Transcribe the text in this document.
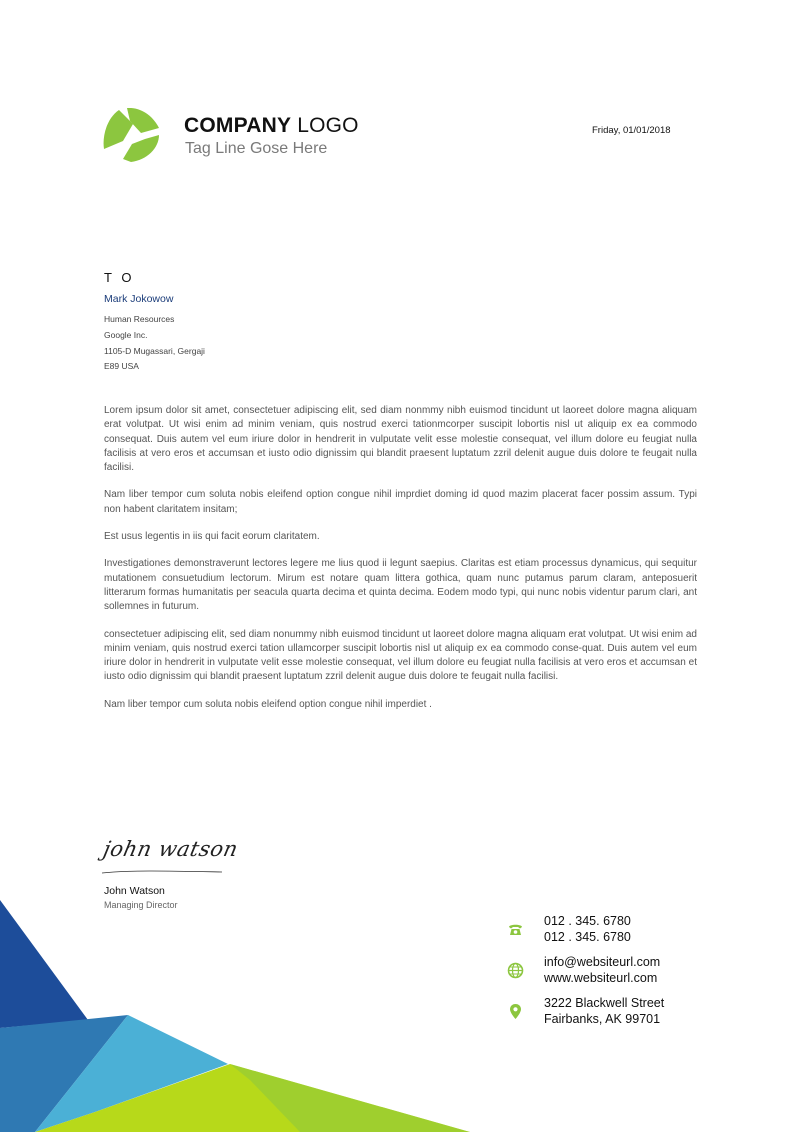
COMPANY LOGO
Tag Line Gose Here
Friday, 01/01/2018
T O
Mark Jokowow
Human Resources
Google Inc.
1105-D Mugassari, Gergaji
E89 USA

Lorem ipsum dolor sit amet, consectetuer adipiscing elit, sed diam nonmmy nibh euismod tincidunt ut laoreet dolore magna aliquam erat volutpat. Ut wisi enim ad minim veniam, quis nostrud exerci tationmcorper suscipit lobortis nisl ut aliquip ex ea commodo consequat. Duis autem vel eum iriure dolor in hendrerit in vulputate velit esse molestie consequat, vel illum dolore eu feugiat nulla facilisis at vero eros et accumsan et iusto odio dignissim qui blandit praesent luptatum zzril delenit augue duis dolore te feugait nulla facilisi.

Nam liber tempor cum soluta nobis eleifend option congue nihil imprdiet doming id quod mazim placerat facer possim assum. Typi non habent claritatem insitam;

Est usus legentis in iis qui facit eorum claritatem.

Investigationes demonstraverunt lectores legere me lius quod ii legunt saepius. Claritas est etiam processus dynamicus, qui sequitur mutationem consuetudium lectorum. Mirum est notare quam littera gothica, quam nunc putamus parum claram, anteposuerit litterarum formas humanitatis per seacula quarta decima et quinta decima. Eodem modo typi, qui nunc nobis videntur parum clari, ant sollemnes in futurum.

consectetuer adipiscing elit, sed diam nonummy nibh euismod tincidunt ut laoreet dolore magna aliquam erat volutpat. Ut wisi enim ad minim veniam, quis nostrud exerci tation ullamcorper suscipit lobortis nisl ut aliquip ex ea commodo conse-quat. Duis autem vel eum iriure dolor in hendrerit in vulputate velit esse molestie consequat, vel illum dolore eu feugiat nulla facilisis at vero eros et accumsan et iusto odio dignissim qui blandit praesent luptatum zzril delenit augue duis dolore te feugait nulla facilisi.

Nam liber tempor cum soluta nobis eleifend option congue nihil imperdiet .

john watson
John Watson
Managing Director
012 . 345. 6780
012 . 345. 6780
info@websiteurl.com
www.websiteurl.com
3222 Blackwell Street
Fairbanks, AK 99701
